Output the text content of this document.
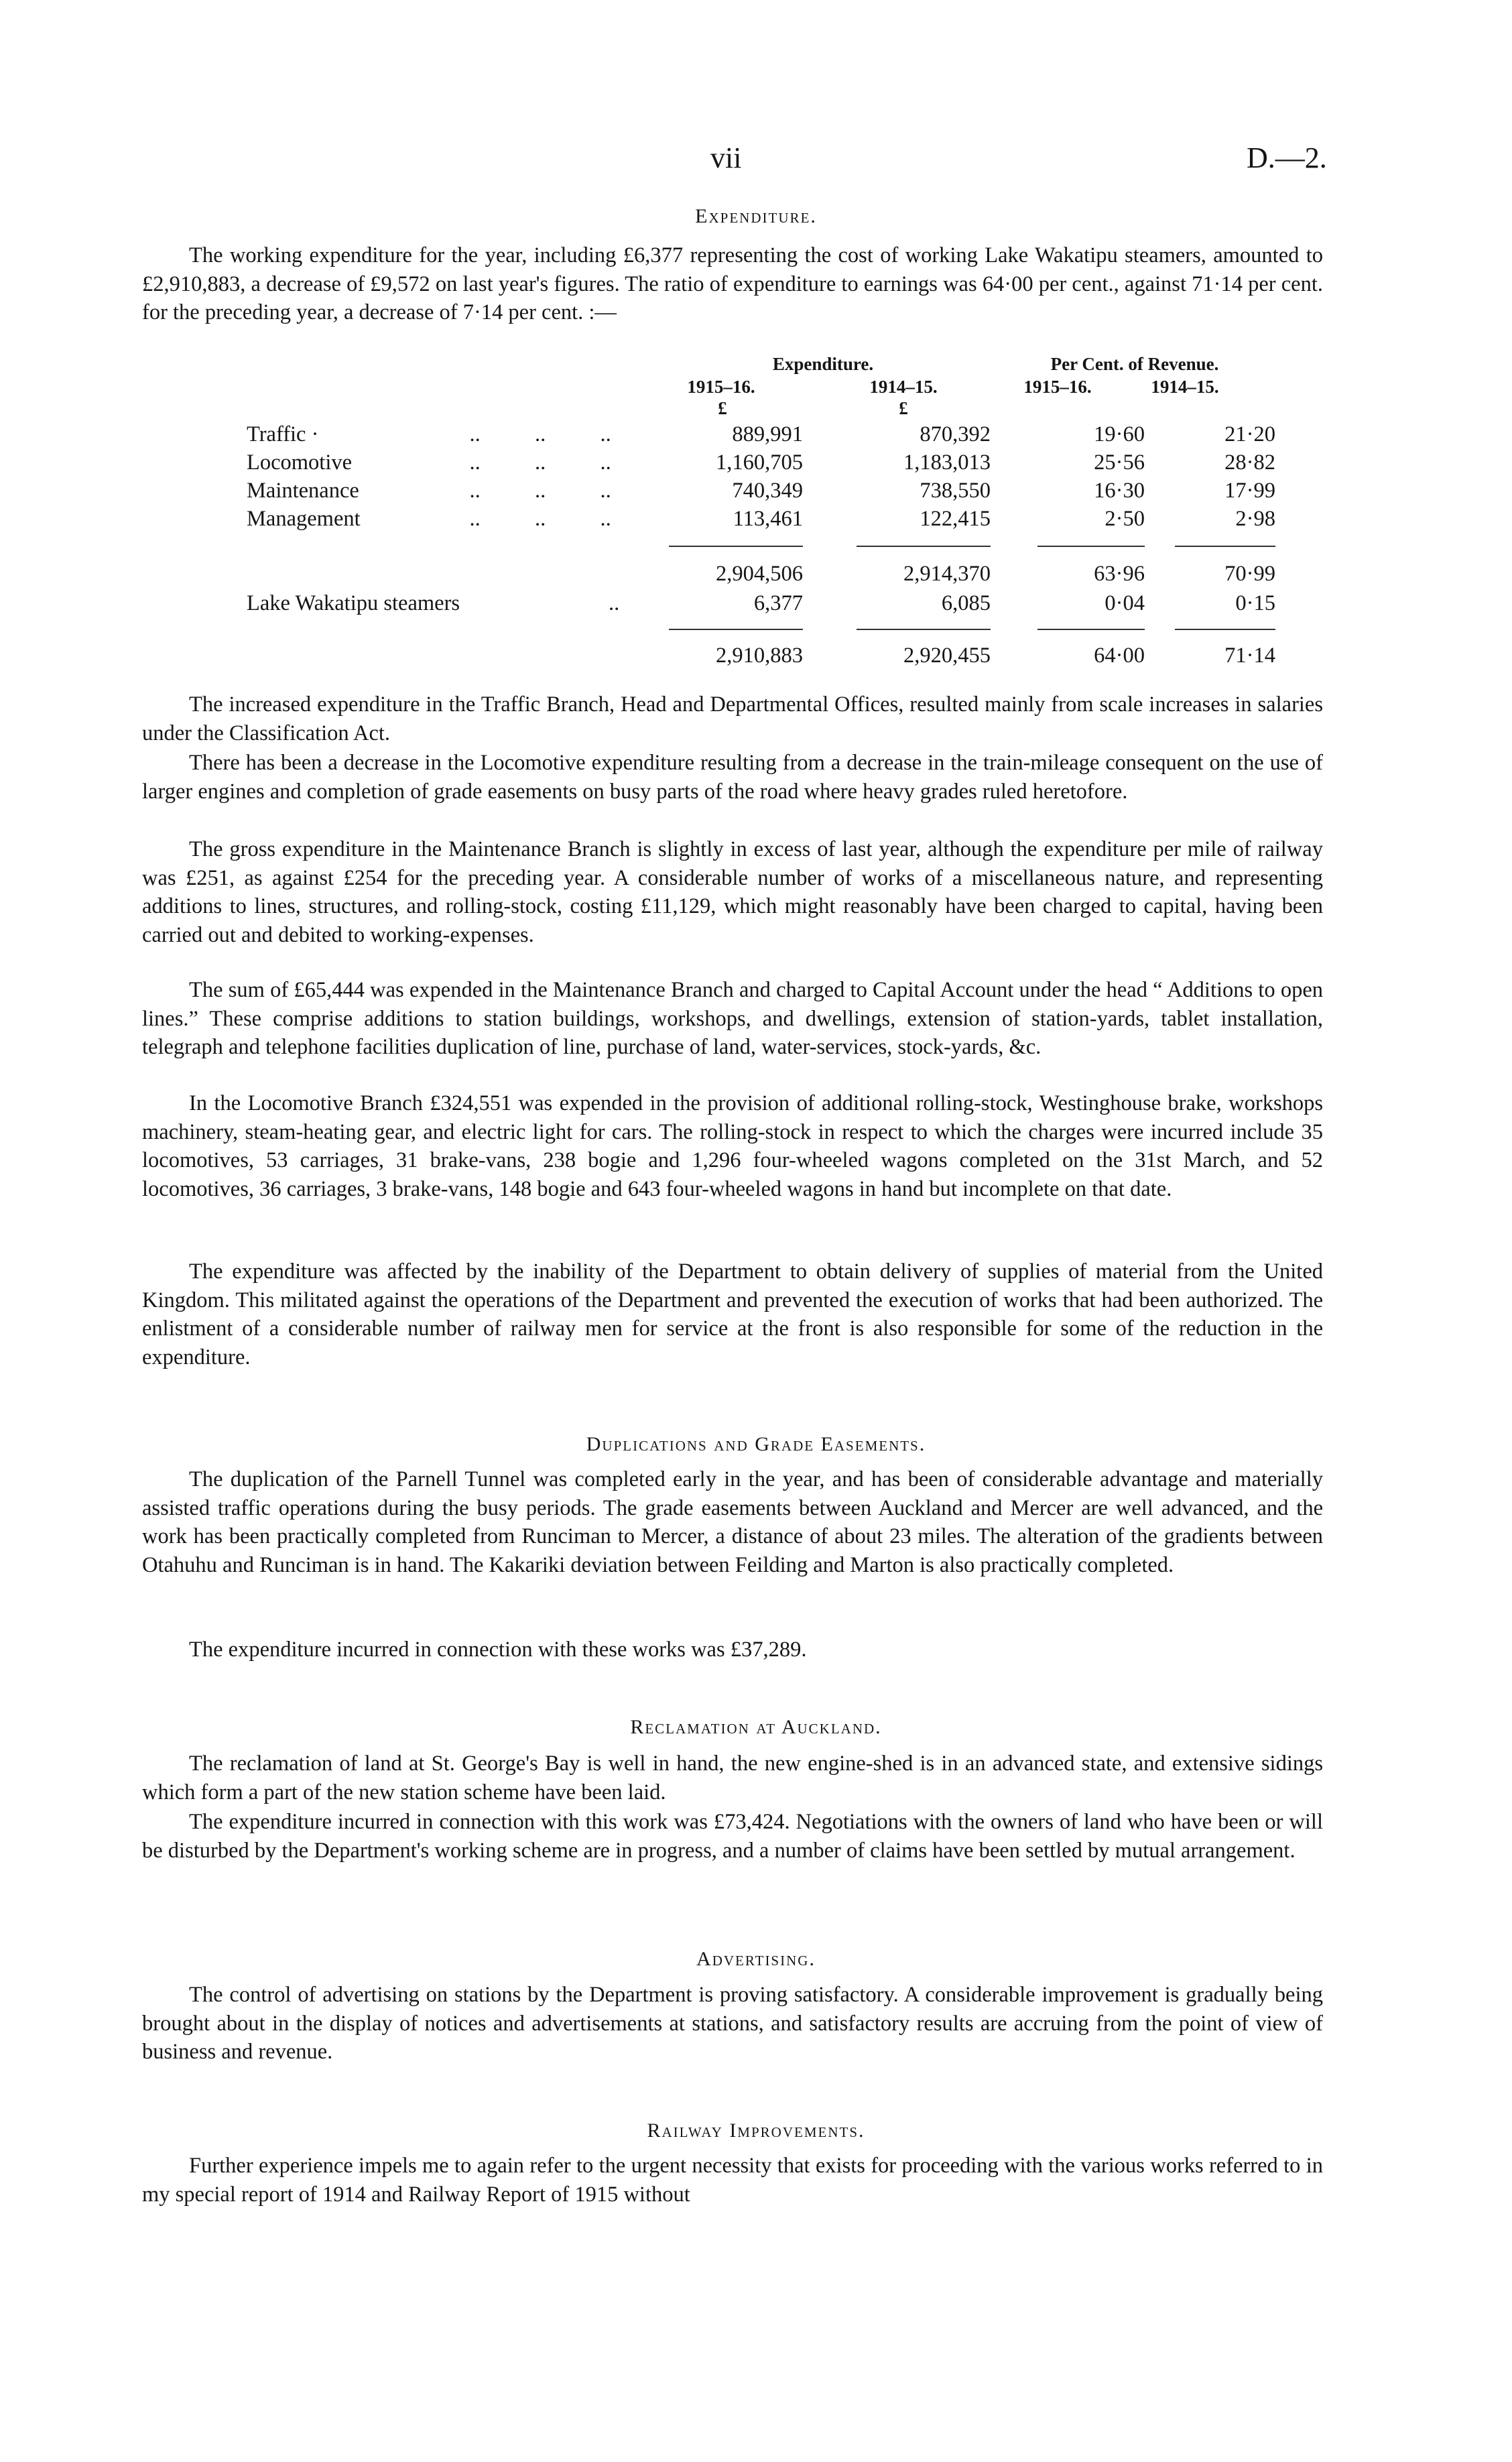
vii	D.—2.
Expenditure.

The working expenditure for the year, including £6,377 representing the cost of working Lake Wakatipu steamers, amounted to £2,910,883, a decrease of £9,572 on last year's figures. The ratio of expenditure to earnings was 64·00 per cent., against 71·14 per cent. for the preceding year, a decrease of 7·14 per cent. :—

Expenditure.	Per Cent. of Revenue.
1915–16.	1914–15.	1915–16.	1914–15.
£	£
Traffic · ..          ..          ..	889,991	870,392	19·60	21·20
Locomotive ..          ..          ..	1,160,705	1,183,013	25·56	28·82
Maintenance ..          ..          ..	740,349	738,550	16·30	17·99
Management ..          ..          ..	113,461	122,415	2·50	2·98
2,904,506	2,914,370	63·96	70·99
Lake Wakatipu steamers	..	6,377	6,085	0·04	0·15
2,910,883	2,920,455	64·00	71·14

The increased expenditure in the Traffic Branch, Head and Departmental Offices, resulted mainly from scale increases in salaries under the Classification Act.

There has been a decrease in the Locomotive expenditure resulting from a decrease in the train-mileage consequent on the use of larger engines and completion of grade easements on busy parts of the road where heavy grades ruled heretofore.

The gross expenditure in the Maintenance Branch is slightly in excess of last year, although the expenditure per mile of railway was £251, as against £254 for the preceding year. A considerable number of works of a miscellaneous nature, and representing additions to lines, structures, and rolling-stock, costing £11,129, which might reasonably have been charged to capital, having been carried out and debited to working-expenses.

The sum of £65,444 was expended in the Maintenance Branch and charged to Capital Account under the head “ Additions to open lines.” These comprise additions to station buildings, workshops, and dwellings, extension of station-yards, tablet installation, telegraph and telephone facilities duplication of line, purchase of land, water-services, stock-yards, &c.

In the Locomotive Branch £324,551 was expended in the provision of additional rolling-stock, Westinghouse brake, workshops machinery, steam-heating gear, and electric light for cars. The rolling-stock in respect to which the charges were incurred include 35 locomotives, 53 carriages, 31 brake-vans, 238 bogie and 1,296 four-wheeled wagons completed on the 31st March, and 52 locomotives, 36 carriages, 3 brake-vans, 148 bogie and 643 four-wheeled wagons in hand but incomplete on that date.

The expenditure was affected by the inability of the Department to obtain delivery of supplies of material from the United Kingdom. This militated against the operations of the Department and prevented the execution of works that had been authorized. The enlistment of a considerable number of railway men for service at the front is also responsible for some of the reduction in the expenditure.

Duplications and Grade Easements.

The duplication of the Parnell Tunnel was completed early in the year, and has been of considerable advantage and materially assisted traffic operations during the busy periods. The grade easements between Auckland and Mercer are well advanced, and the work has been practically completed from Runciman to Mercer, a distance of about 23 miles. The alteration of the gradients between Otahuhu and Runciman is in hand. The Kakariki deviation between Feilding and Marton is also practically completed.

The expenditure incurred in connection with these works was £37,289.

Reclamation at Auckland.

The reclamation of land at St. George's Bay is well in hand, the new engine-shed is in an advanced state, and extensive sidings which form a part of the new station scheme have been laid.

The expenditure incurred in connection with this work was £73,424. Negotiations with the owners of land who have been or will be disturbed by the Department's working scheme are in progress, and a number of claims have been settled by mutual arrangement.

Advertising.

The control of advertising on stations by the Department is proving satisfactory. A considerable improvement is gradually being brought about in the display of notices and advertisements at stations, and satisfactory results are accruing from the point of view of business and revenue.

Railway Improvements.

Further experience impels me to again refer to the urgent necessity that exists for proceeding with the various works referred to in my special report of 1914 and Railway Report of 1915 without
